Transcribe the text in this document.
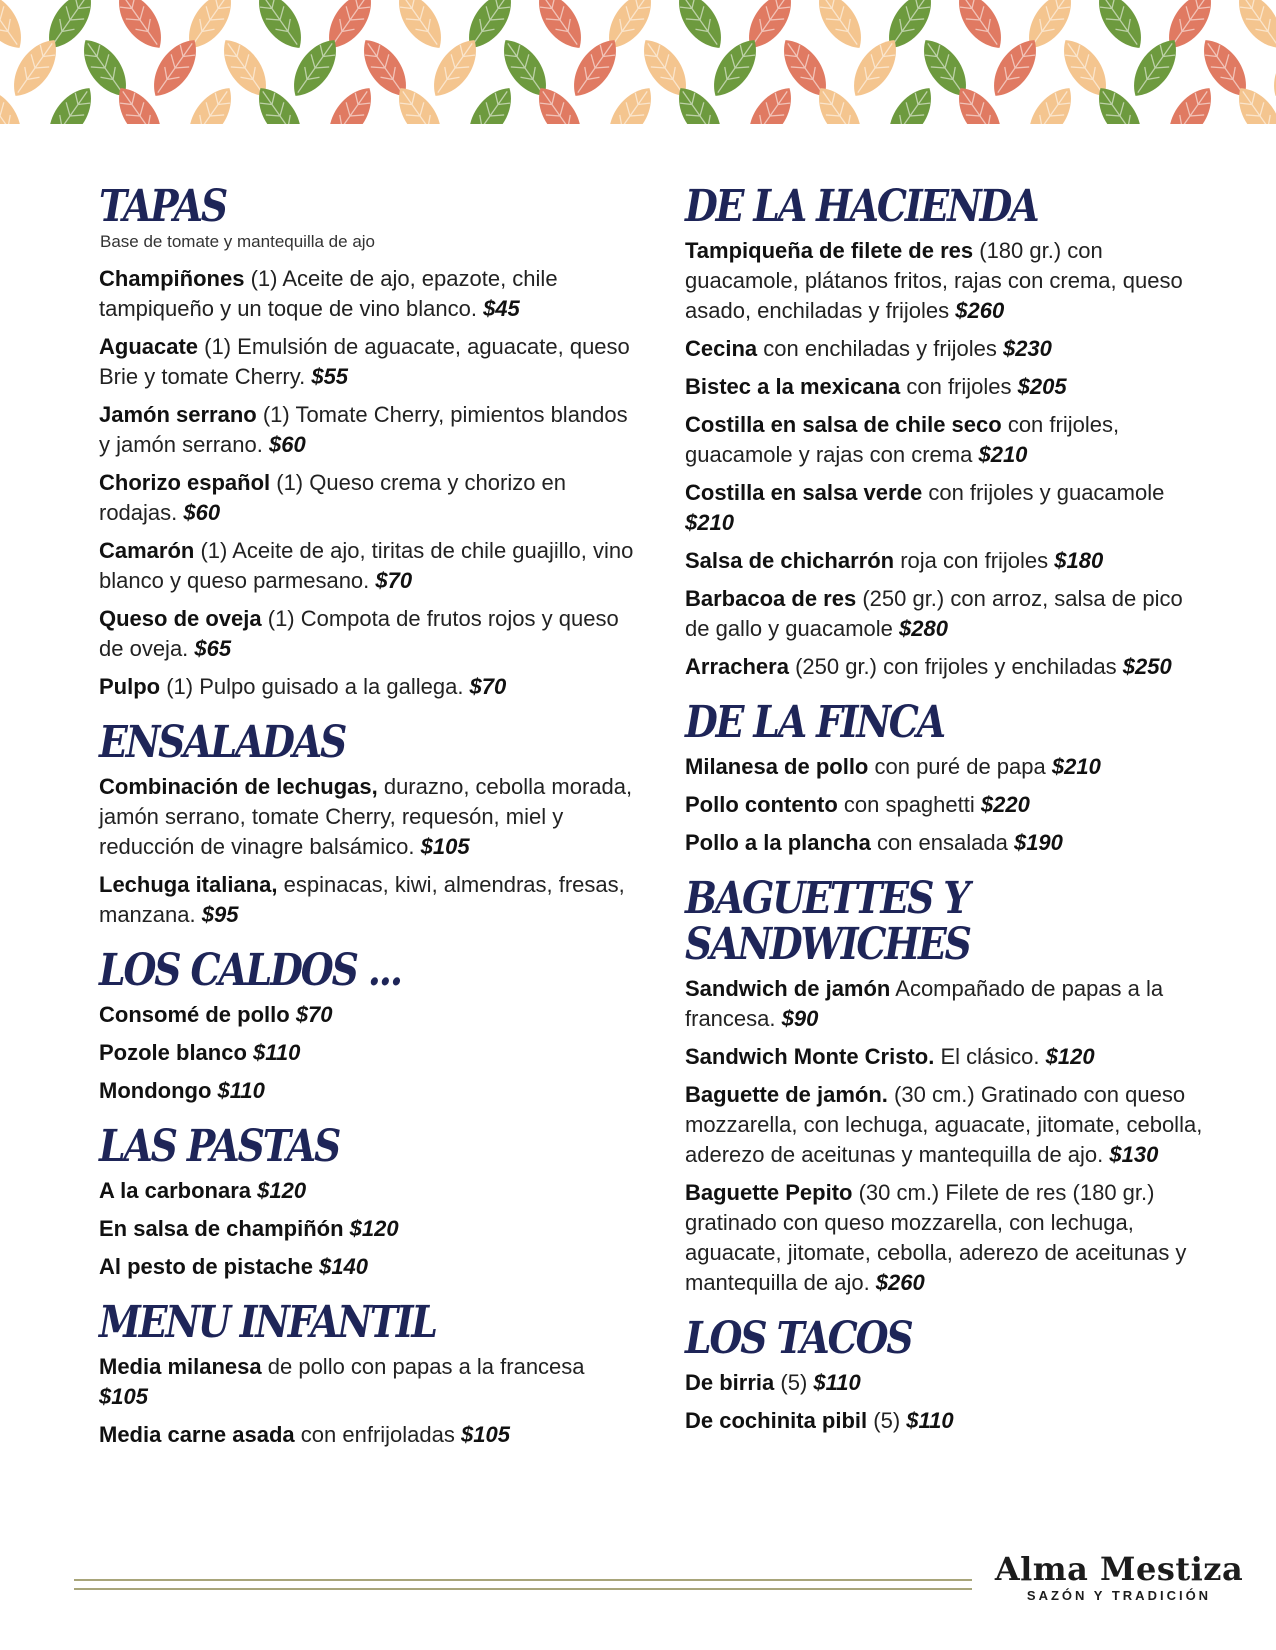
TAPAS
Base de tomate y mantequilla de ajo
Champiñones (1) Aceite de ajo, epazote, chile tampiqueño y un toque de vino blanco. $45
Aguacate (1) Emulsión de aguacate, aguacate, queso Brie y tomate Cherry. $55
Jamón serrano (1) Tomate Cherry, pimientos blandos y jamón serrano. $60
Chorizo español (1) Queso crema y chorizo en rodajas. $60
Camarón (1) Aceite de ajo, tiritas de chile guajillo, vino blanco y queso parmesano. $70
Queso de oveja (1) Compota de frutos rojos y queso de oveja. $65
Pulpo (1) Pulpo guisado a la gallega. $70
ENSALADAS
Combinación de lechugas, durazno, cebolla morada, jamón serrano, tomate Cherry, requesón, miel y reducción de vinagre balsámico. $105
Lechuga italiana, espinacas, kiwi, almendras, fresas, manzana. $95
LOS CALDOS ...
Consomé de pollo $70
Pozole blanco $110
Mondongo $110
LAS PASTAS
A la carbonara $120
En salsa de champiñón $120
Al pesto de pistache $140
MENU INFANTIL
Media milanesa de pollo con papas a la francesa $105
Media carne asada con enfrijoladas $105
DE LA HACIENDA
Tampiqueña de filete de res (180 gr.) con guacamole, plátanos fritos, rajas con crema, queso asado, enchiladas y frijoles $260
Cecina con enchiladas y frijoles $230
Bistec a la mexicana con frijoles $205
Costilla en salsa de chile seco con frijoles, guacamole y rajas con crema $210
Costilla en salsa verde con frijoles y guacamole $210
Salsa de chicharrón roja con frijoles $180
Barbacoa de res (250 gr.) con arroz, salsa de pico de gallo y guacamole $280
Arrachera (250 gr.) con frijoles y enchiladas $250
DE LA FINCA
Milanesa de pollo con puré de papa $210
Pollo contento con spaghetti $220
Pollo a la plancha con ensalada $190
BAGUETTES Y SANDWICHES
Sandwich de jamón Acompañado de papas a la francesa. $90
Sandwich Monte Cristo. El clásico. $120
Baguette de jamón. (30 cm.) Gratinado con queso mozzarella, con lechuga, aguacate, jitomate, cebolla, aderezo de aceitunas y mantequilla de ajo. $130
Baguette Pepito (30 cm.) Filete de res (180 gr.) gratinado con queso mozzarella, con lechuga, aguacate, jitomate, cebolla, aderezo de aceitunas y mantequilla de ajo. $260
LOS TACOS
De birria (5) $110
De cochinita pibil (5) $110
Alma Mestiza
SAZÓN Y TRADICIÓN
